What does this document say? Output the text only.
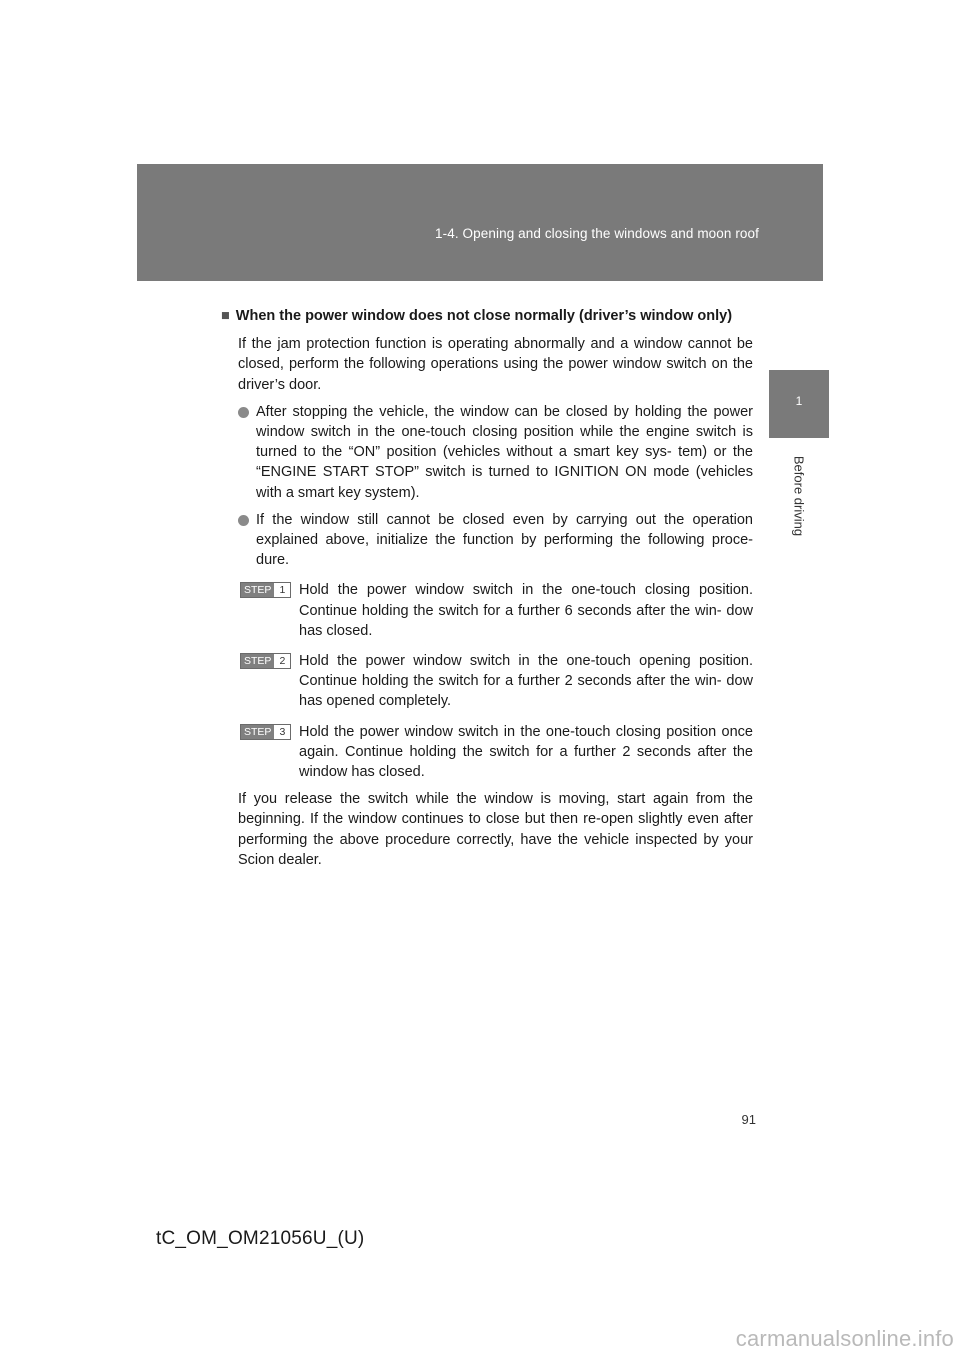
1-4. Opening and closing the windows and moon roof
1
Before driving

■ When the power window does not close normally (driver’s window only)

If the jam protection function is operating abnormally and a window cannot be closed, perform the following operations using the power window switch on the driver’s door.

After stopping the vehicle, the window can be closed by holding the power window switch in the one-touch closing position while the engine switch is turned to the “ON” position (vehicles without a smart key sys- tem) or the “ENGINE START STOP” switch is turned to IGNITION ON mode (vehicles with a smart key system).
If the window still cannot be closed even by carrying out the operation explained above, initialize the function by performing the following proce- dure.
STEP 1 Hold the power window switch in the one-touch closing position. Continue holding the switch for a further 6 seconds after the win- dow has closed.
STEP 2 Hold the power window switch in the one-touch opening position. Continue holding the switch for a further 2 seconds after the win- dow has opened completely.
STEP 3 Hold the power window switch in the one-touch closing position once again. Continue holding the switch for a further 2 seconds after the window has closed.

If you release the switch while the window is moving, start again from the beginning. If the window continues to close but then re-open slightly even after performing the above procedure correctly, have the vehicle inspected by your Scion dealer.

91
tC_OM_OM21056U_(U)
carmanualsonline.info
